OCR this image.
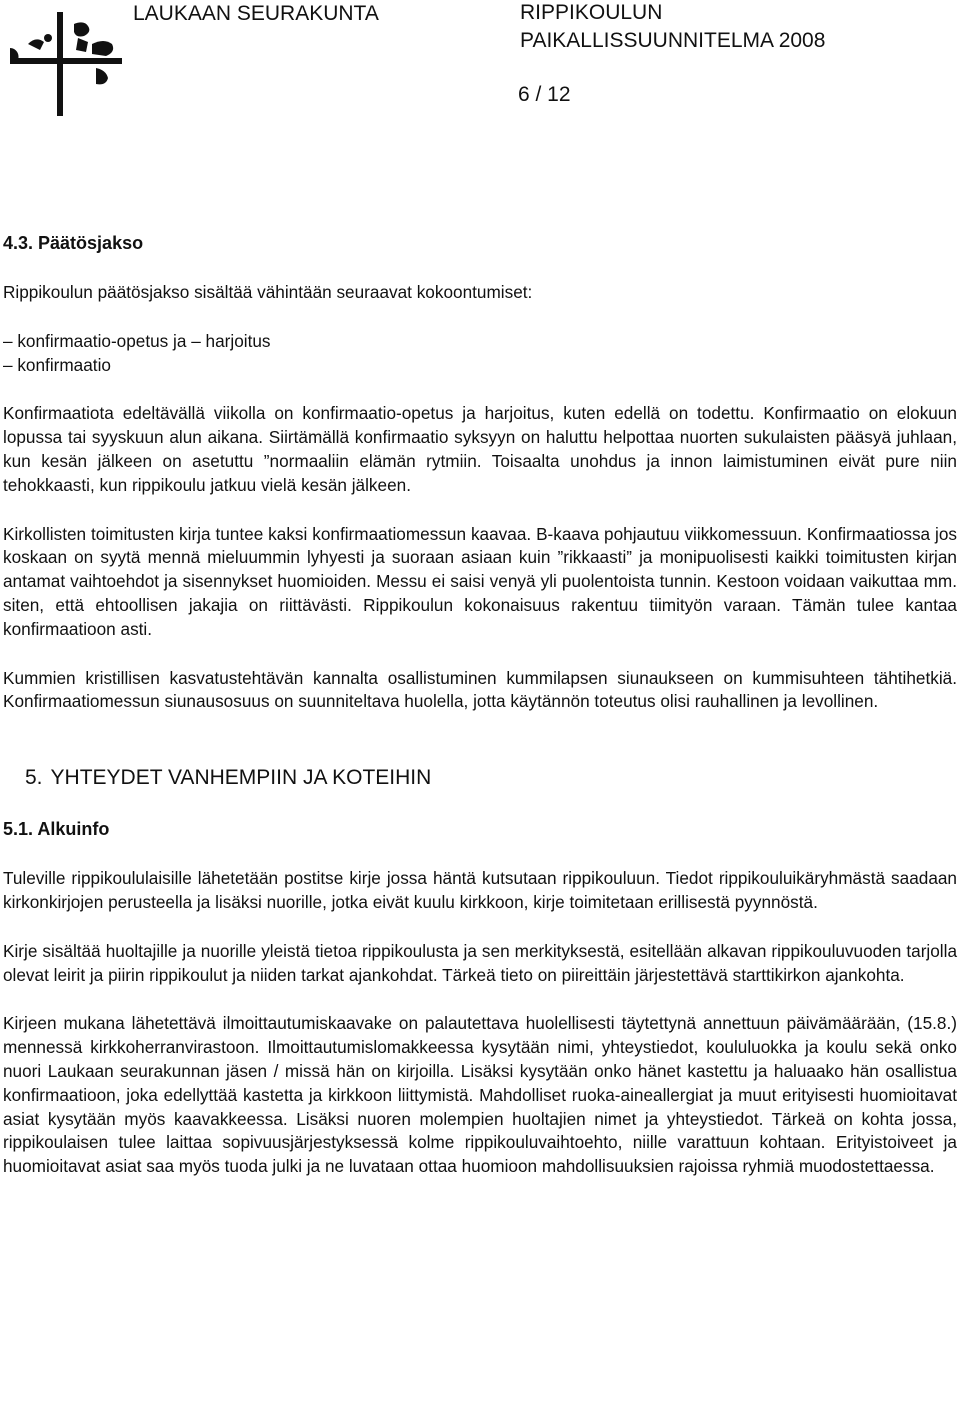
LAUKAAN SEURAKUNTA	RIPPIKOULUN
PAIKALLISSUUNNITELMA 2008
6 / 12

4.3. Päätösjakso

Rippikoulun päätösjakso sisältää vähintään seuraavat kokoontumiset:

– konfirmaatio-opetus ja – harjoitus
– konfirmaatio

Konfirmaatiota edeltävällä viikolla on konfirmaatio-opetus ja harjoitus, kuten edellä on todettu. Konfirmaatio on elokuun lopussa tai syyskuun alun aikana. Siirtämällä konfirmaatio syksyyn on haluttu helpottaa nuorten sukulaisten pääsyä juhlaan, kun kesän jälkeen on asetuttu ”normaaliin elämän rytmiin. Toisaalta unohdus ja innon laimistuminen eivät pure niin tehokkaasti, kun rippikoulu jatkuu vielä kesän jälkeen.

Kirkollisten toimitusten kirja tuntee kaksi konfirmaatiomessun kaavaa. B-kaava pohjautuu viikkomessuun. Konfirmaatiossa jos koskaan on syytä mennä mieluummin lyhyesti ja suoraan asiaan kuin ”rikkaasti” ja monipuolisesti kaikki toimitusten kirjan antamat vaihtoehdot ja sisennykset huomioiden. Messu ei saisi venyä yli puolentoista tunnin. Kestoon voidaan vaikuttaa mm. siten, että ehtoollisen jakajia on riittävästi. Rippikoulun kokonaisuus rakentuu tiimityön varaan. Tämän tulee kantaa konfirmaatioon asti.

Kummien kristillisen kasvatustehtävän kannalta osallistuminen kummilapsen siunaukseen on kummisuhteen tähtihetkiä. Konfirmaatiomessun siunausosuus on suunniteltava huolella, jotta käytännön toteutus olisi rauhallinen ja levollinen.

5. YHTEYDET VANHEMPIIN JA KOTEIHIN

5.1. Alkuinfo

Tuleville rippikoululaisille lähetetään postitse kirje jossa häntä kutsutaan rippikouluun. Tiedot rippikouluikäryhmästä saadaan kirkonkirjojen perusteella ja lisäksi nuorille, jotka eivät kuulu kirkkoon, kirje toimitetaan erillisestä pyynnöstä.

Kirje sisältää huoltajille ja nuorille yleistä tietoa rippikoulusta ja sen merkityksestä, esitellään alkavan rippikouluvuoden tarjolla olevat leirit ja piirin rippikoulut ja niiden tarkat ajankohdat. Tärkeä tieto on piireittäin järjestettävä starttikirkon ajankohta.

Kirjeen mukana lähetettävä ilmoittautumiskaavake on palautettava huolellisesti täytettynä annettuun päivämäärään, (15.8.) mennessä kirkkoherranvirastoon. Ilmoittautumislomakkeessa kysytään nimi, yhteystiedot, koululuokka ja koulu sekä onko nuori Laukaan seurakunnan jäsen / missä hän on kirjoilla. Lisäksi kysytään onko hänet kastettu ja haluaako hän osallistua konfirmaatioon, joka edellyttää kastetta ja kirkkoon liittymistä. Mahdolliset ruoka-aineallergiat ja muut erityisesti huomioitavat asiat kysytään myös kaavakkeessa. Lisäksi nuoren molempien huoltajien nimet ja yhteystiedot. Tärkeä on kohta jossa, rippikoulaisen tulee laittaa sopivuusjärjestyksessä kolme rippikouluvaihtoehto, niille varattuun kohtaan. Erityistoiveet ja huomioitavat asiat saa myös tuoda julki ja ne luvataan ottaa huomioon mahdollisuuksien rajoissa ryhmiä muodostettaessa.
